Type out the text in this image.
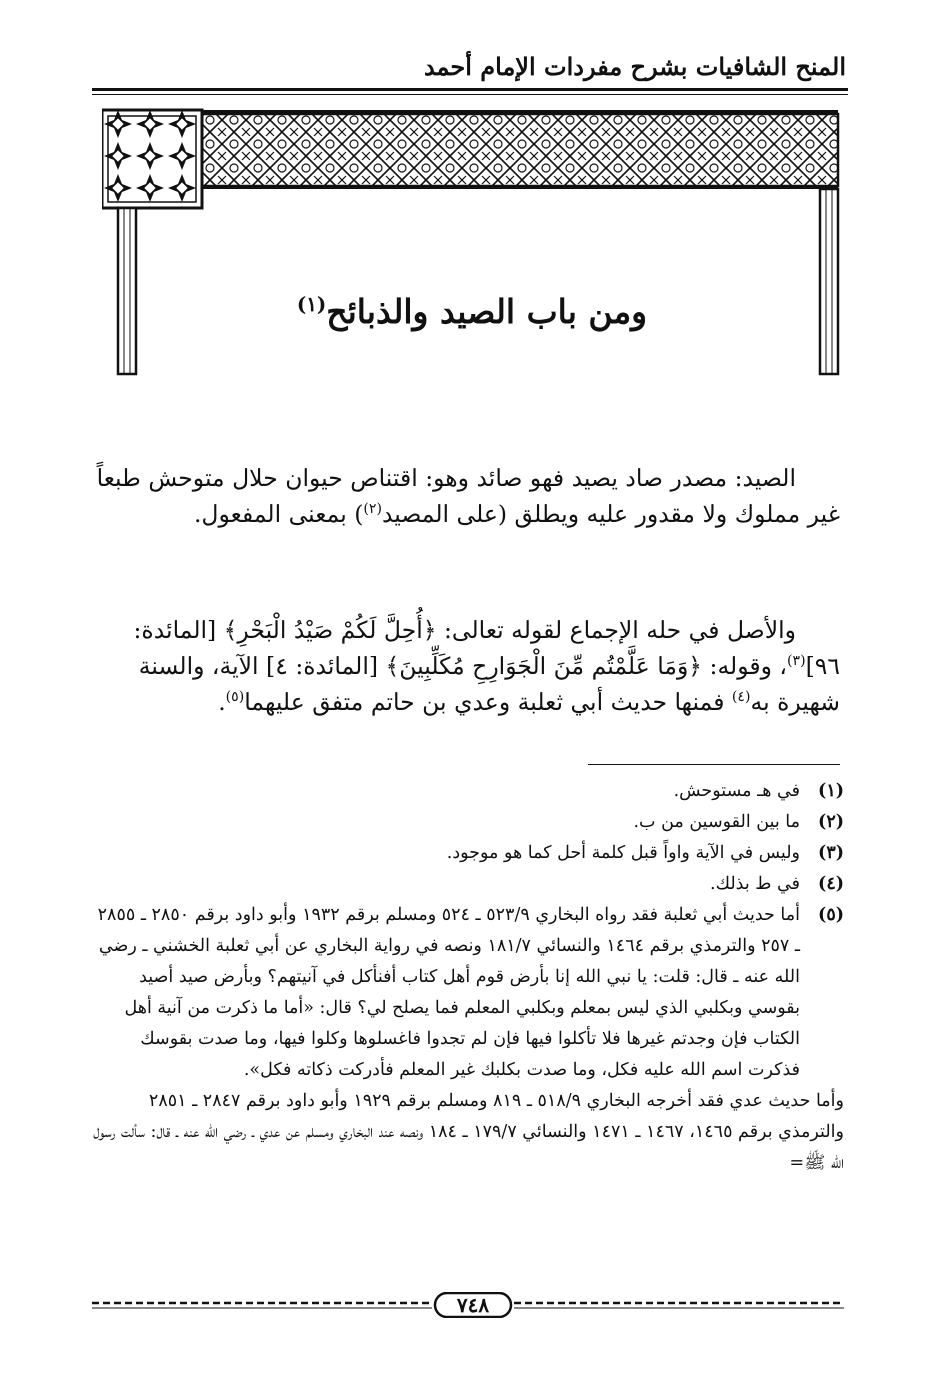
المنح الشافيات بشرح مفردات الإمام أحمد
ومن باب الصيد والذبائح$^{(١)}$
الصيد: مصدر صاد يصيد فهو صائد وهو: اقتناص حيوان حلال متوحش طبعاً غير مملوك ولا مقدور عليه ويطلق (على المصيد$^{(٢)}$) بمعنى المفعول.
والأصل في حله الإجماع لقوله تعالى: ﴿أُحِلَّ لَكُمْ صَيْدُ الْبَحْرِ﴾ [المائدة: ٩٦]$^{(٣)}$، وقوله: ﴿وَمَا عَلَّمْتُم مِّنَ الْجَوَارِحِ مُكَلِّبِينَ﴾ [المائدة: ٤] الآية، والسنة شهيرة به$^{(٤)}$ فمنها حديث أبي ثعلبة وعدي بن حاتم متفق عليهما$^{(٥)}$.
(١)
في هـ مستوحش.
(٢)
ما بين القوسين من ب.
(٣)
وليس في الآية واواً قبل كلمة أحل كما هو موجود.
(٤)
في ط بذلك.
(٥)
أما حديث أبي ثعلبة فقد رواه البخاري ٥٢٣/٩ ـ ٥٢٤ ومسلم برقم ١٩٣٢ وأبو داود برقم ٢٨٥٠ ـ ٢٨٥٥ ـ ٢٥٧ والترمذي برقم ١٤٦٤ والنسائي ١٨١/٧ ونصه في رواية البخاري عن أبي ثعلبة الخشني ـ رضي الله عنه ـ قال: قلت: يا نبي الله إنا بأرض قوم أهل كتاب أفنأكل في آنيتهم؟ وبأرض صيد أصيد بقوسي وبكلبي الذي ليس بمعلم وبكلبي المعلم فما يصلح لي؟ قال: «أما ما ذكرت من آنية أهل الكتاب فإن وجدتم غيرها فلا تأكلوا فيها فإن لم تجدوا فاغسلوها وكلوا فيها، وما صدت بقوسك فذكرت اسم الله عليه فكل، وما صدت بكلبك غير المعلم فأدركت ذكاته فكل».
وأما حديث عدي فقد أخرجه البخاري ٥١٨/٩ ـ ٨١٩ ومسلم برقم ١٩٢٩ وأبو داود برقم ٢٨٤٧ ـ ٢٨٥١ والترمذي برقم ١٤٦٥، ١٤٦٧ ـ ١٤٧١ والنسائي ١٧٩/٧ ـ ١٨٤ ونصه عند البخاري ومسلم عن عدي ـ رضي الله عنه ـ قال: سألت رسول الله ﷺ=
٧٤٨
